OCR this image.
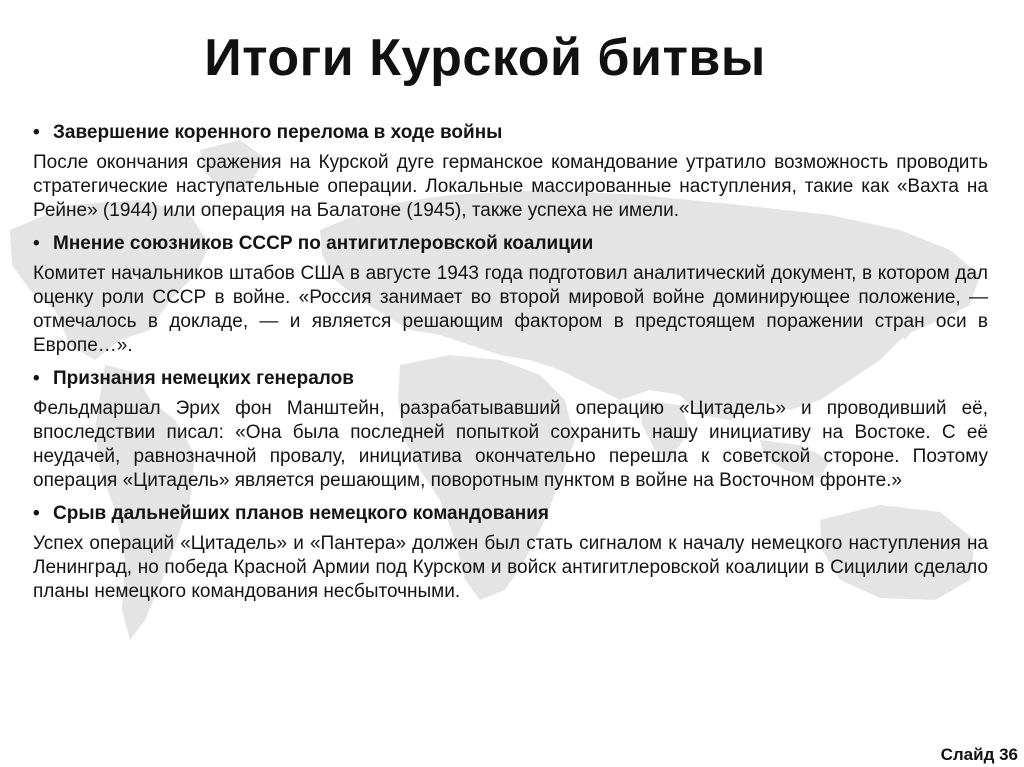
Итоги Курской битвы
• Завершение коренного перелома в ходе войны
После окончания сражения на Курской дуге германское командование утратило возможность проводить стратегические наступательные операции. Локальные массированные наступления, такие как «Вахта на Рейне» (1944) или операция на Балатоне (1945), также успеха не имели.
• Мнение союзников СССР по антигитлеровской коалиции
Комитет начальников штабов США в августе 1943 года подготовил аналитический документ, в котором дал оценку роли СССР в войне. «Россия занимает во второй мировой войне доминирующее положение, — отмечалось в докладе, — и является решающим фактором в предстоящем поражении стран оси в Европе…».
• Признания немецких генералов
Фельдмаршал Эрих фон Манштейн, разрабатывавший операцию «Цитадель» и проводивший её, впоследствии писал: «Она была последней попыткой сохранить нашу инициативу на Востоке. С её неудачей, равнозначной провалу, инициатива окончательно перешла к советской стороне. Поэтому операция «Цитадель» является решающим, поворотным пунктом в войне на Восточном фронте.»
• Срыв дальнейших планов немецкого командования
Успех операций «Цитадель» и «Пантера» должен был стать сигналом к началу немецкого наступления на Ленинград, но победа Красной Армии под Курском и войск антигитлеровской коалиции в Сицилии сделало планы немецкого командования несбыточными.
Слайд 36
